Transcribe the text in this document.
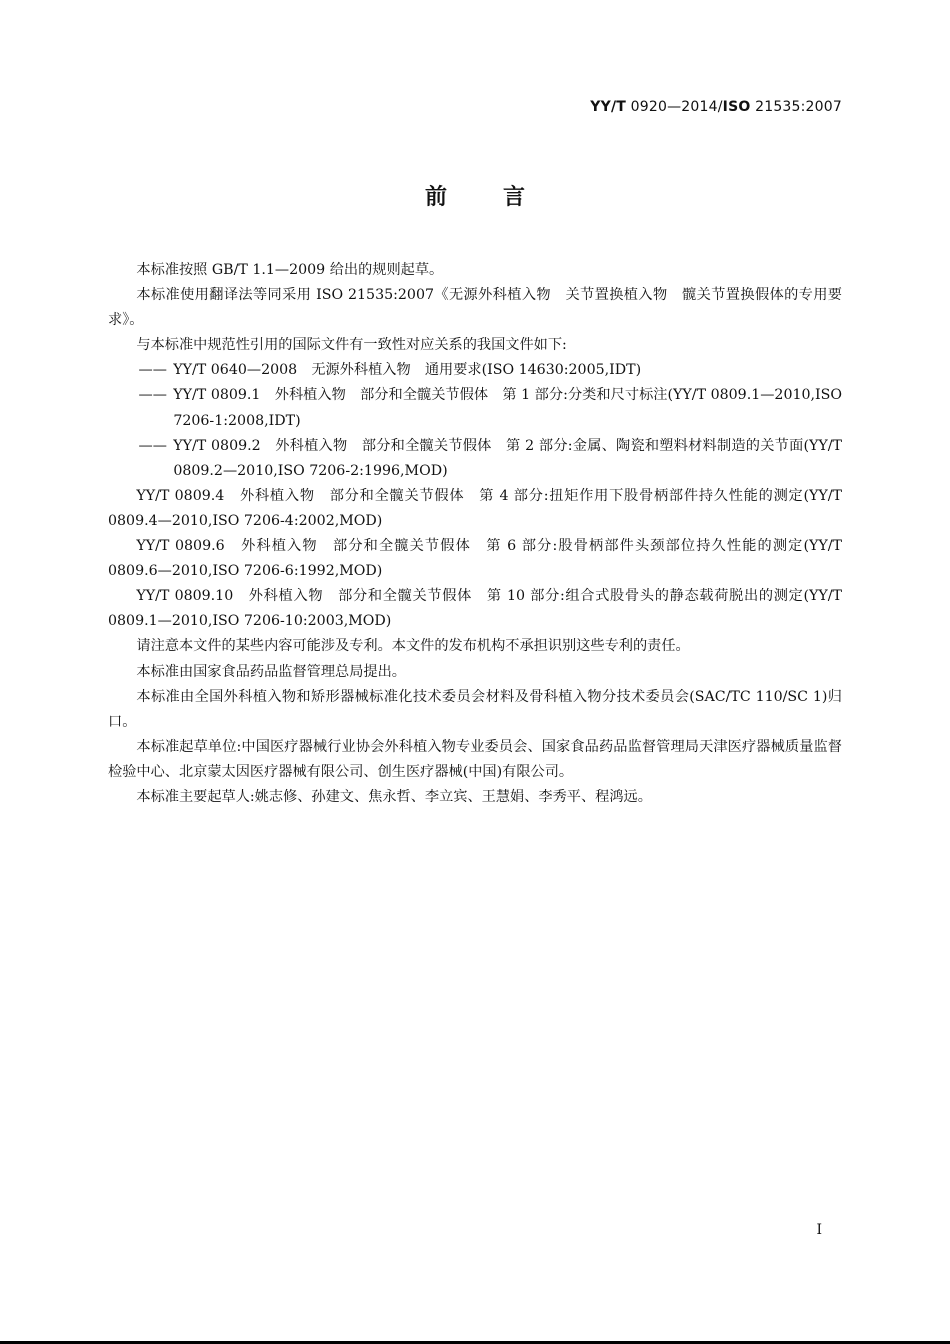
YY/T 0920—2014/ISO 21535:2007
前言

本标准按照 GB/T 1.1—2009 给出的规则起草。

本标准使用翻译法等同采用 ISO 21535:2007《无源外科植入物　关节置换植入物　髋关节置换假体的专用要求》。

与本标准中规范性引用的国际文件有一致性对应关系的我国文件如下:

—— YY/T 0640—2008　无源外科植入物　通用要求(ISO 14630:2005,IDT)

—— YY/T 0809.1　外科植入物　部分和全髋关节假体　第 1 部分:分类和尺寸标注(YY/T 0809.1—2010,ISO 7206-1:2008,IDT)

—— YY/T 0809.2　外科植入物　部分和全髋关节假体　第 2 部分:金属、陶瓷和塑料材料制造的关节面(YY/T 0809.2—2010,ISO 7206-2:1996,MOD)

YY/T 0809.4　外科植入物　部分和全髋关节假体　第 4 部分:扭矩作用下股骨柄部件持久性能的测定(YY/T 0809.4—2010,ISO 7206-4:2002,MOD)

YY/T 0809.6　外科植入物　部分和全髋关节假体　第 6 部分:股骨柄部件头颈部位持久性能的测定(YY/T 0809.6—2010,ISO 7206-6:1992,MOD)

YY/T 0809.10　外科植入物　部分和全髋关节假体　第 10 部分:组合式股骨头的静态载荷脱出的测定(YY/T 0809.1—2010,ISO 7206-10:2003,MOD)

请注意本文件的某些内容可能涉及专利。本文件的发布机构不承担识别这些专利的责任。

本标准由国家食品药品监督管理总局提出。

本标准由全国外科植入物和矫形器械标准化技术委员会材料及骨科植入物分技术委员会(SAC/TC 110/SC 1)归口。

本标准起草单位:中国医疗器械行业协会外科植入物专业委员会、国家食品药品监督管理局天津医疗器械质量监督检验中心、北京蒙太因医疗器械有限公司、创生医疗器械(中国)有限公司。

本标准主要起草人:姚志修、孙建文、焦永哲、李立宾、王慧娟、李秀平、程鸿远。

I
